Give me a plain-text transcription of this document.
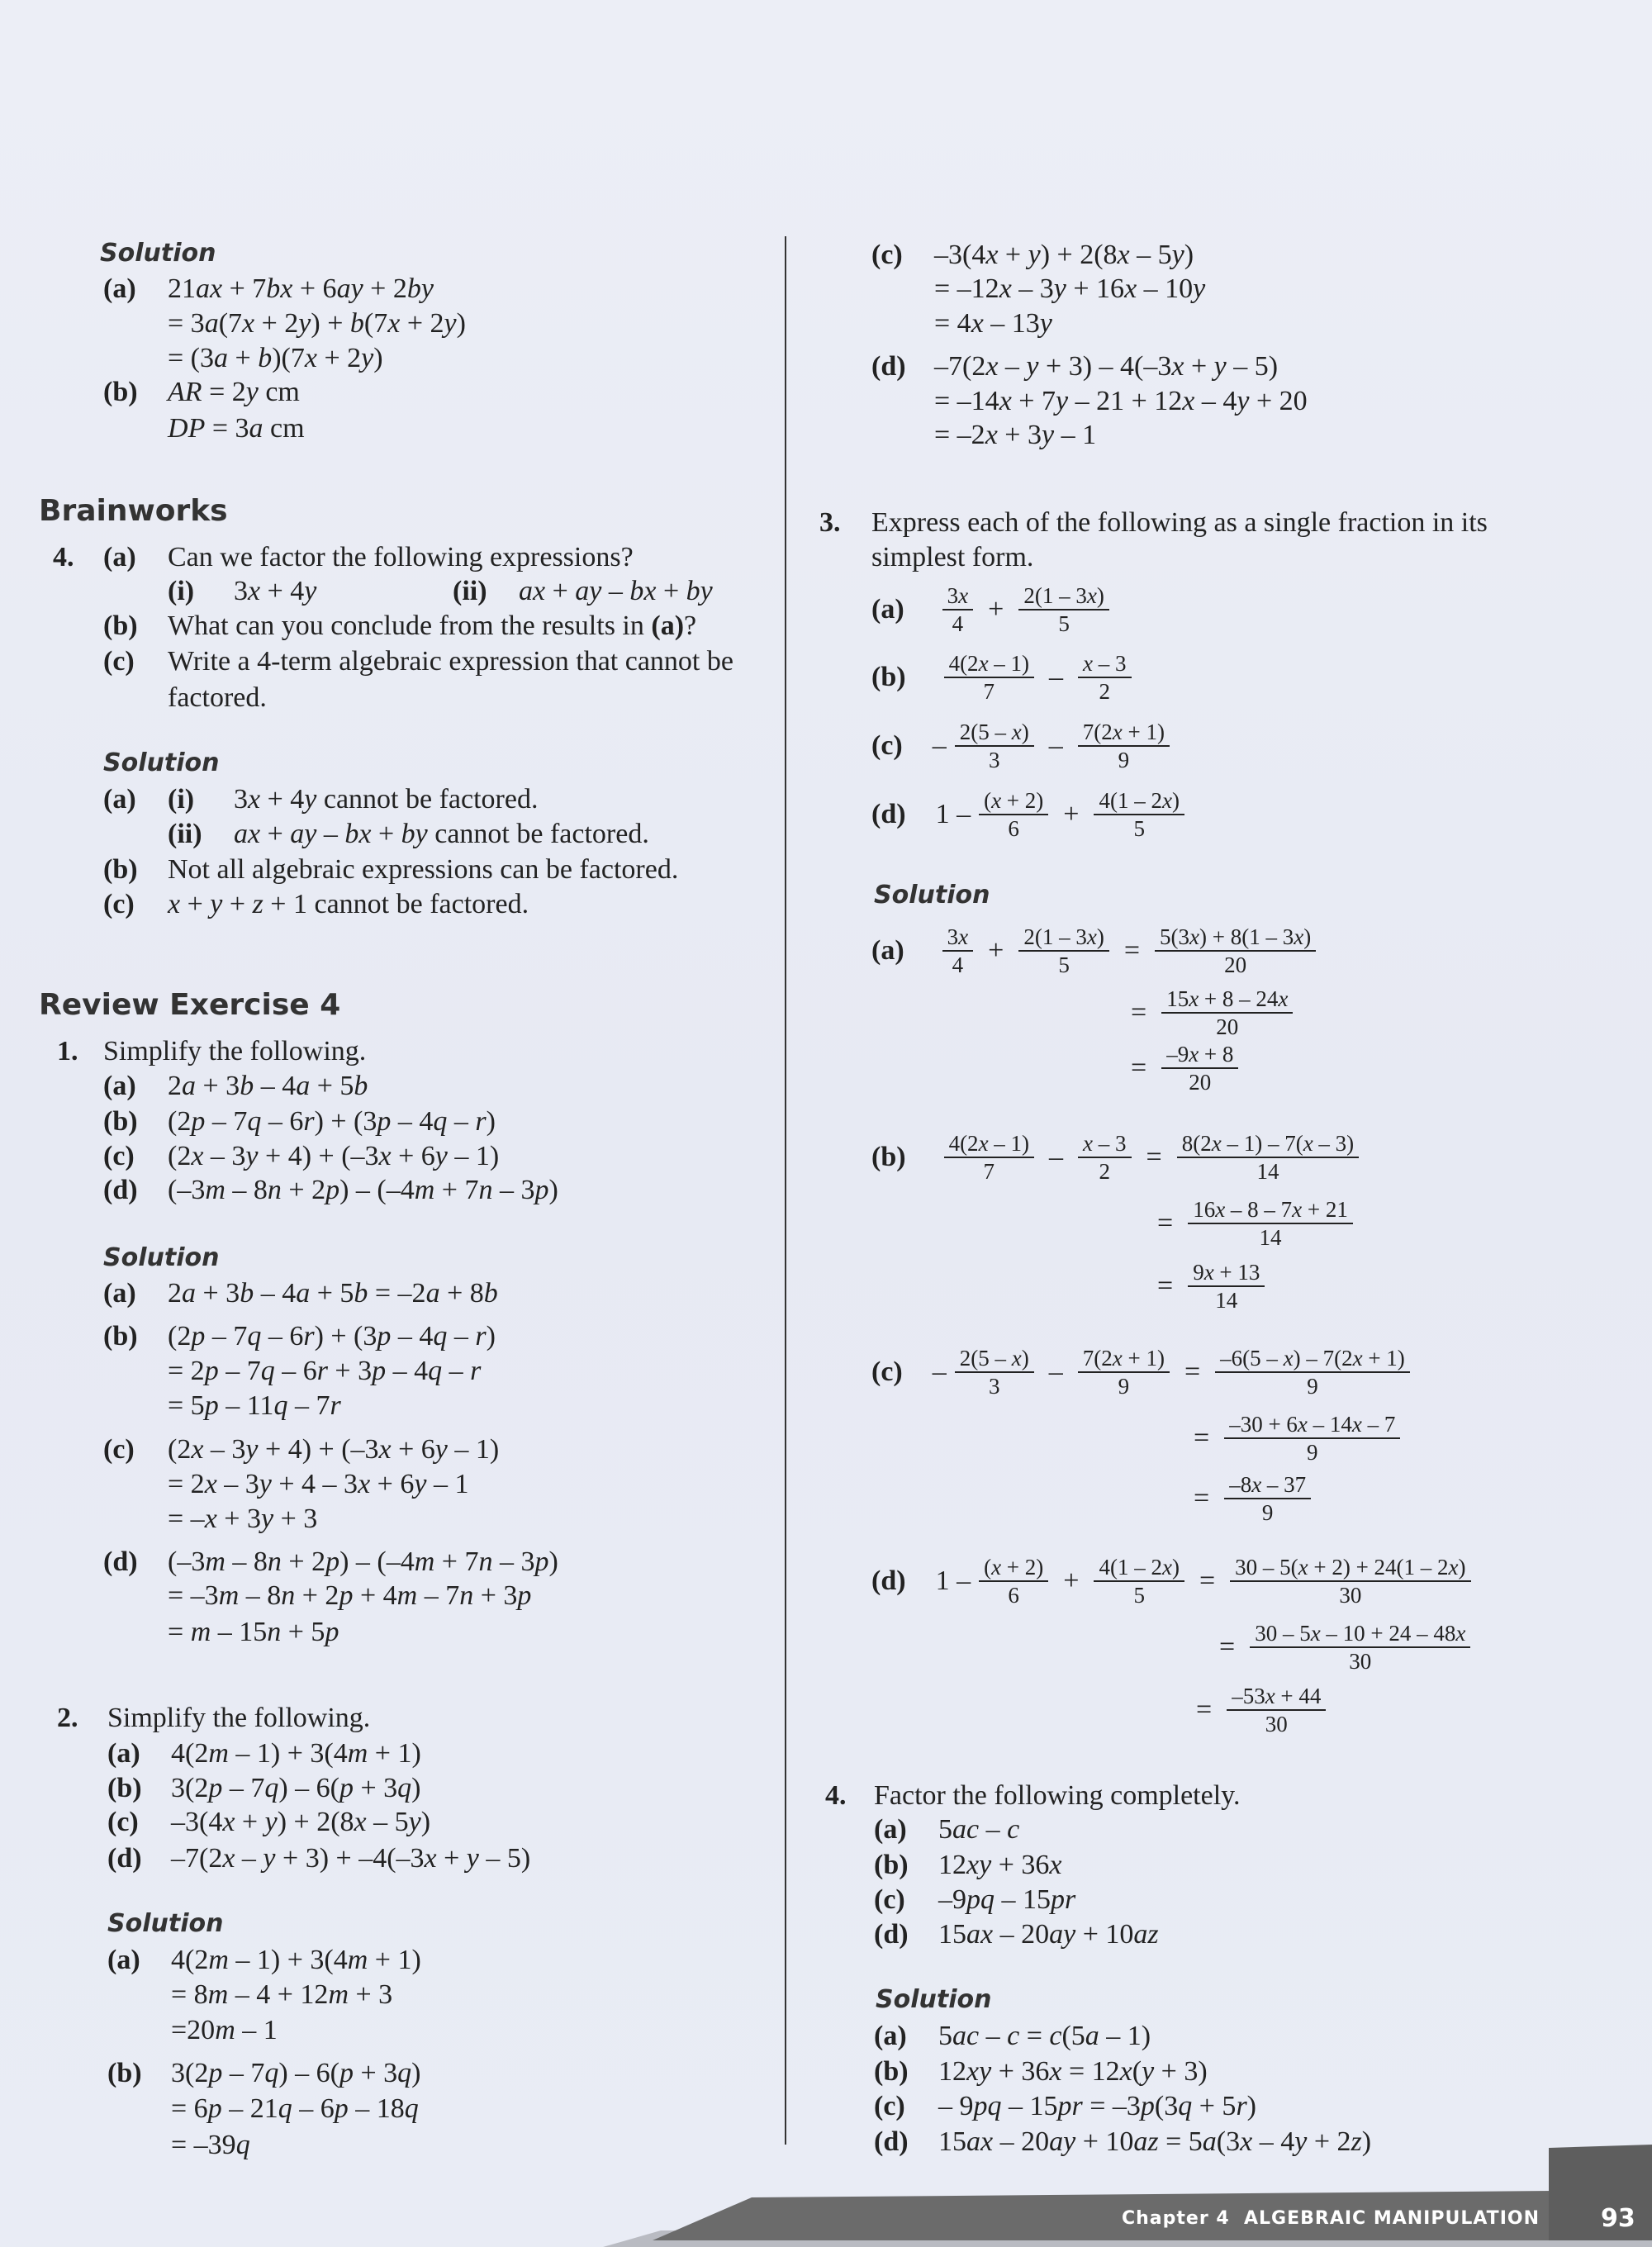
Solution
(a) 21ax + 7bx + 6ay + 2by
= 3a(7x + 2y) + b(7x + 2y)
= (3a + b)(7x + 2y)
(b) AR = 2y cm
DP = 3a cm
Brainworks
4. (a) Can we factor the following expressions?
(i) 3x + 4y	(ii) ax + ay – bx + by
(b) What can you conclude from the results in (a)?
(c) Write a 4-term algebraic expression that cannot be
factored.
Solution
(a) (i) 3x + 4y cannot be factored.
(ii) ax + ay – bx + by cannot be factored.
(b) Not all algebraic expressions can be factored.
(c) x + y + z + 1 cannot be factored.
Review Exercise 4
1. Simplify the following.
(a) 2a + 3b – 4a + 5b
(b) (2p – 7q – 6r) + (3p – 4q – r)
(c) (2x – 3y + 4) + (–3x + 6y – 1)
(d) (–3m – 8n + 2p) – (–4m + 7n – 3p)
Solution
(a) 2a + 3b – 4a + 5b = –2a + 8b
(b) (2p – 7q – 6r) + (3p – 4q – r)
= 2p – 7q – 6r + 3p – 4q – r
= 5p – 11q – 7r
(c) (2x – 3y + 4) + (–3x + 6y – 1)
= 2x – 3y + 4 – 3x + 6y – 1
= –x + 3y + 3
(d) (–3m – 8n + 2p) – (–4m + 7n – 3p)
= –3m – 8n + 2p + 4m – 7n + 3p
= m – 15n + 5p
2. Simplify the following.
(a) 4(2m – 1) + 3(4m + 1)
(b) 3(2p – 7q) – 6(p + 3q)
(c) –3(4x + y) + 2(8x – 5y)
(d) –7(2x – y + 3) + –4(–3x + y – 5)
Solution
(a) 4(2m – 1) + 3(4m + 1)
= 8m – 4 + 12m + 3
=20m – 1
(b) 3(2p – 7q) – 6(p + 3q)
= 6p – 21q – 6p – 18q
= –39q
(c) –3(4x + y) + 2(8x – 5y)
= –12x – 3y + 16x – 10y
= 4x – 13y
(d) –7(2x – y + 3) – 4(–3x + y – 5)
= –14x + 7y – 21 + 12x – 4y + 20
= –2x + 3y – 1
3. Express each of the following as a single fraction in its
simplest form.
$(a) \frac{3x}{4} + \frac{2(1 - 3x)}{5}$
$(b) \frac{4(2x - 1)}{7} - \frac{x - 3}{2}$
$(c) - \frac{2(5 - x)}{3} - \frac{7(2x + 1)}{9}$
(d) $1 - \frac{(x + 2)}{6} + \frac{4(1 - 2x)}{5}$
Solution
$(a) \frac{3x}{4} + \frac{2(1 - 3x)}{5} = \frac{5(3x) + 8(1 - 3x)}{20}$
= $\frac{15x + 8 - 24x}{20}$
= $\frac{-9x + 8}{20}$
$(b) \frac{4(2x - 1)}{7} - \frac{x - 3}{2} = \frac{8(2x - 1) - 7(x - 3)}{14}$
= $\frac{16x - 8 - 7x + 21}{14}$
= $\frac{9x + 13}{14}$
$(c) - \frac{2(5 - x)}{3} - \frac{7(2x + 1)}{9} = \frac{-6(5 - x) - 7(2x + 1)}{9}$
= $\frac{-30 + 6x - 14x - 7}{9}$
= $\frac{-8x - 37}{9}$
(d) $1 - \frac{(x + 2)}{6} + \frac{4(1 - 2x)}{5} = \frac{30 - 5(x + 2) + 24(1 - 2x)}{30}$
= $\frac{30 - 5x - 10 + 24 - 48x}{30}$
= $\frac{-53x + 44}{30}$
4. Factor the following completely.
(a) 5ac – c
(b) 12xy + 36x
(c) –9pq – 15pr
(d) 15ax – 20ay + 10az
Solution
(a) 5ac – c = c(5a – 1)
(b) 12xy + 36x = 12x(y + 3)
(c) – 9pq – 15pr = –3p(3q + 5r)
(d) 15ax – 20ay + 10az = 5a(3x – 4y + 2z)
Chapter 4 ALGEBRAIC MANIPULATION 93
